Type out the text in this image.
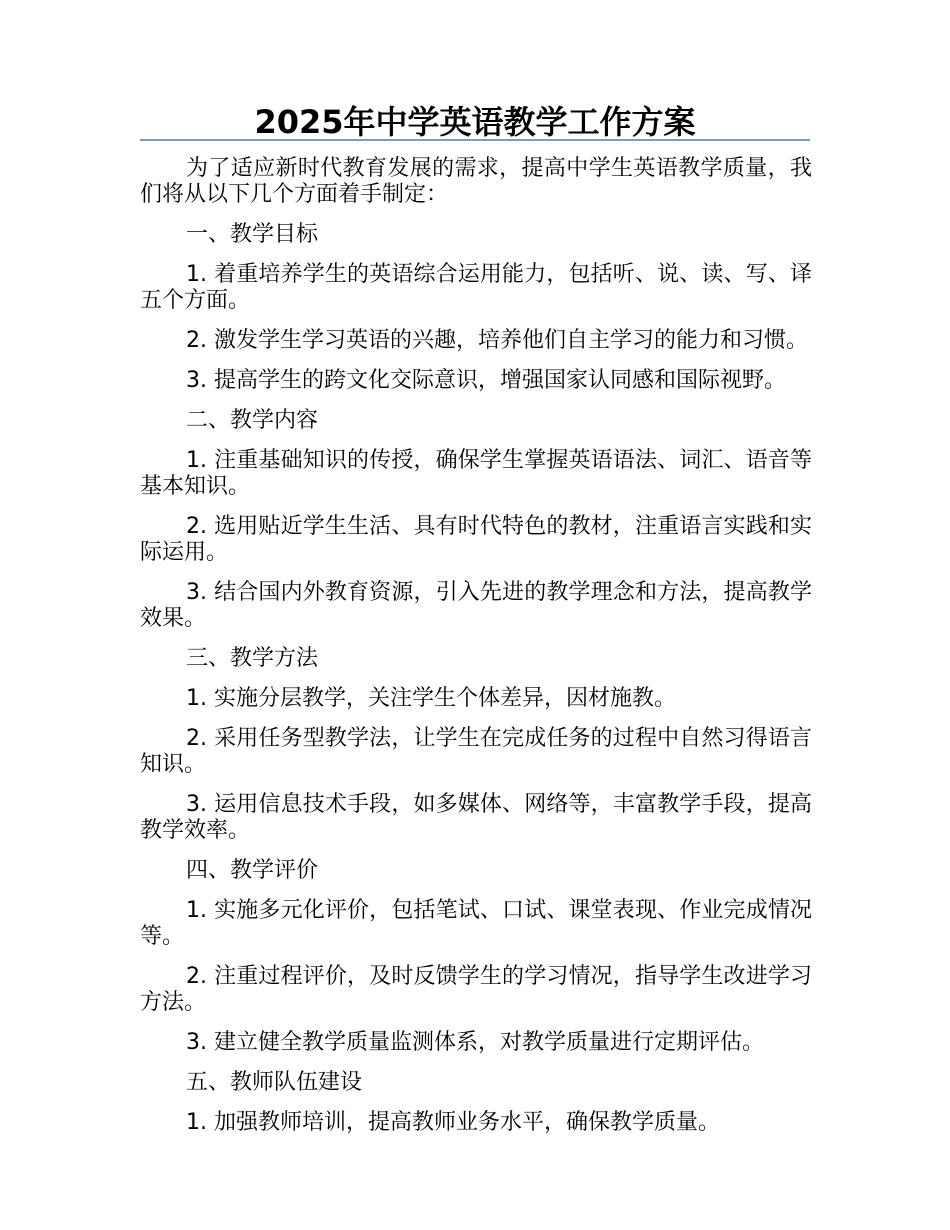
2025年中学英语教学工作方案

为了适应新时代教育发展的需求，提高中学生英语教学质量，我们将从以下几个方面着手制定：

一、教学目标

1. 着重培养学生的英语综合运用能力，包括听、说、读、写、译五个方面。

2. 激发学生学习英语的兴趣，培养他们自主学习的能力和习惯。

3. 提高学生的跨文化交际意识，增强国家认同感和国际视野。

二、教学内容

1. 注重基础知识的传授，确保学生掌握英语语法、词汇、语音等基本知识。

2. 选用贴近学生生活、具有时代特色的教材，注重语言实践和实际运用。

3. 结合国内外教育资源，引入先进的教学理念和方法，提高教学效果。

三、教学方法

1. 实施分层教学，关注学生个体差异，因材施教。

2. 采用任务型教学法，让学生在完成任务的过程中自然习得语言知识。

3. 运用信息技术手段，如多媒体、网络等，丰富教学手段，提高教学效率。

四、教学评价

1. 实施多元化评价，包括笔试、口试、课堂表现、作业完成情况等。

2. 注重过程评价，及时反馈学生的学习情况，指导学生改进学习方法。

3. 建立健全教学质量监测体系，对教学质量进行定期评估。

五、教师队伍建设

1. 加强教师培训，提高教师业务水平，确保教学质量。
